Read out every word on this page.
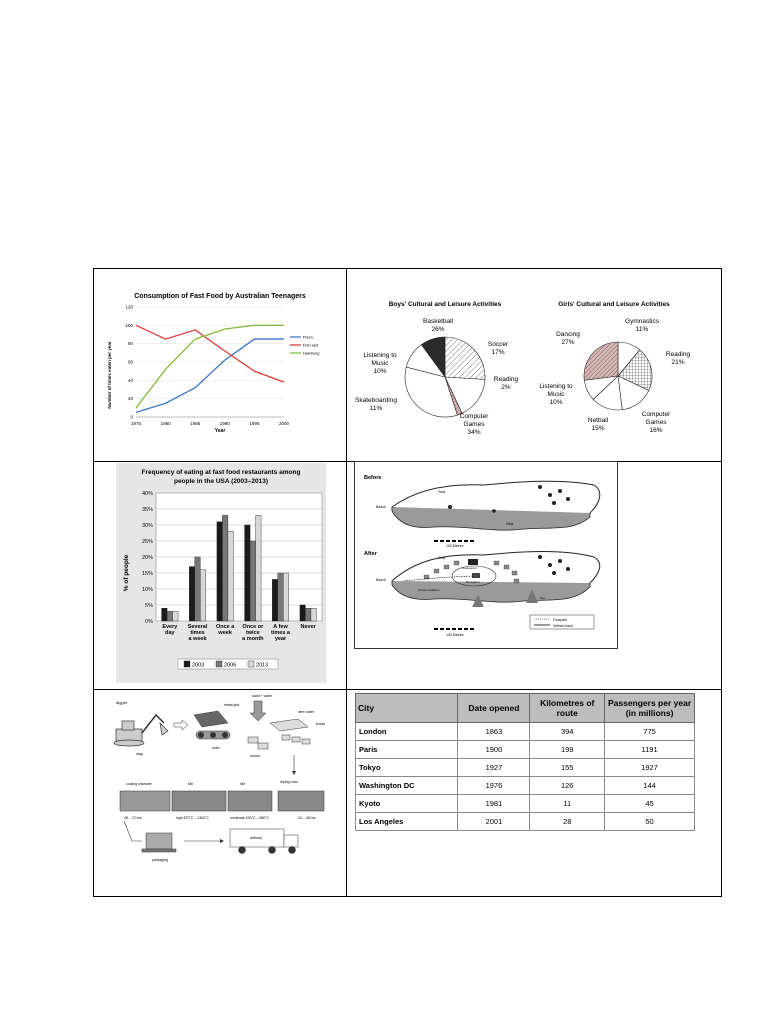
Consumption of Fast Food by Australian Teenagers
Year
Number of times eaten per year
0
20
40
60
80
100
120
1975	1980	1985	1990	1995	2000
Pizza
Fish and
Hamburg
Boys' Cultural and Leisure Activities	Girls' Cultural and Leisure Activities
Basketball
26%
Soccer
17%
Reading
2%
Computer
Games
34%
Skateboarding
11%
Listening to
Music
10%
Gymnastics
11%
Reading
21%
Computer
Games
16%
Netball
15%
Listening to
Music
10%
Dancing
27%
Frequency of eating at fast food restaurants among
people in the USA (2003–2013)
% of people
0%
5%
10%
15%
20%
25%
30%
35%
40%
Every day
Several times a week
Once a week
Once or twice a month
A few times a year
Never
2003	2006	2013
Before
Sea
Sea
Beach
100 Metres
After
Restaurant
Reception
Accommodation
Beach
Sea
Pier
100 Metres
Footpath
Vehicle track
digger
clay
metal grid
roller
sand + water
wire cutter
bricks
mould
drying oven
cooling chamber	kiln	kiln
24 – 48 hrs
48 – 72 hrs	high 870°C – 1300°C	moderate 200°C – 980°C
packaging
delivery
City	Date opened	Kilometres of route	Passengers per year (in millions)
London	1863	394	775
Paris	1900	199	1191
Tokyo	1927	155	1927
Washington DC	1976	126	144
Kyoto	1981	11	45
Los Angeles	2001	28	50
